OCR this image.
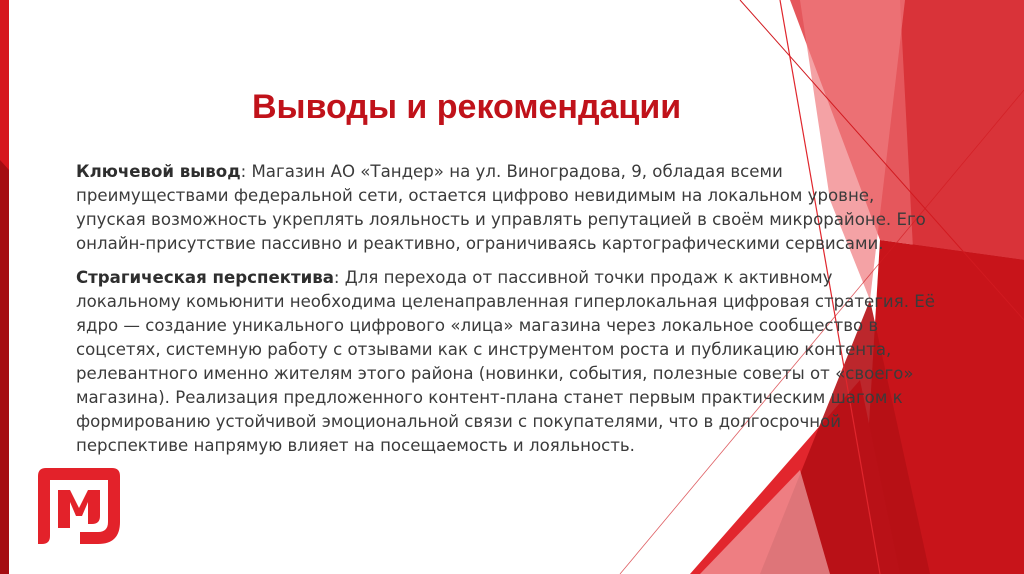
Выводы и рекомендации

Ключевой вывод: Магазин АО «Тандер» на ул. Виноградова, 9, обладая всеми преимуществами федеральной сети, остается цифрово невидимым на локальном уровне, упуская возможность укреплять лояльность и управлять репутацией в своём микрорайоне. Его онлайн-присутствие пассивно и реактивно, ограничиваясь картографическими сервисами.

Страгическая перспектива: Для перехода от пассивной точки продаж к активному локальному комьюнити необходима целенаправленная гиперлокальная цифровая стратегия. Её ядро — создание уникального цифрового «лица» магазина через локальное сообщество в соцсетях, системную работу с отзывами как с инструментом роста и публикацию контента, релевантного именно жителям этого района (новинки, события, полезные советы от «своего» магазина). Реализация предложенного контент-плана станет первым практическим шагом к формированию устойчивой эмоциональной связи с покупателями, что в долгосрочной перспективе напрямую влияет на посещаемость и лояльность.
